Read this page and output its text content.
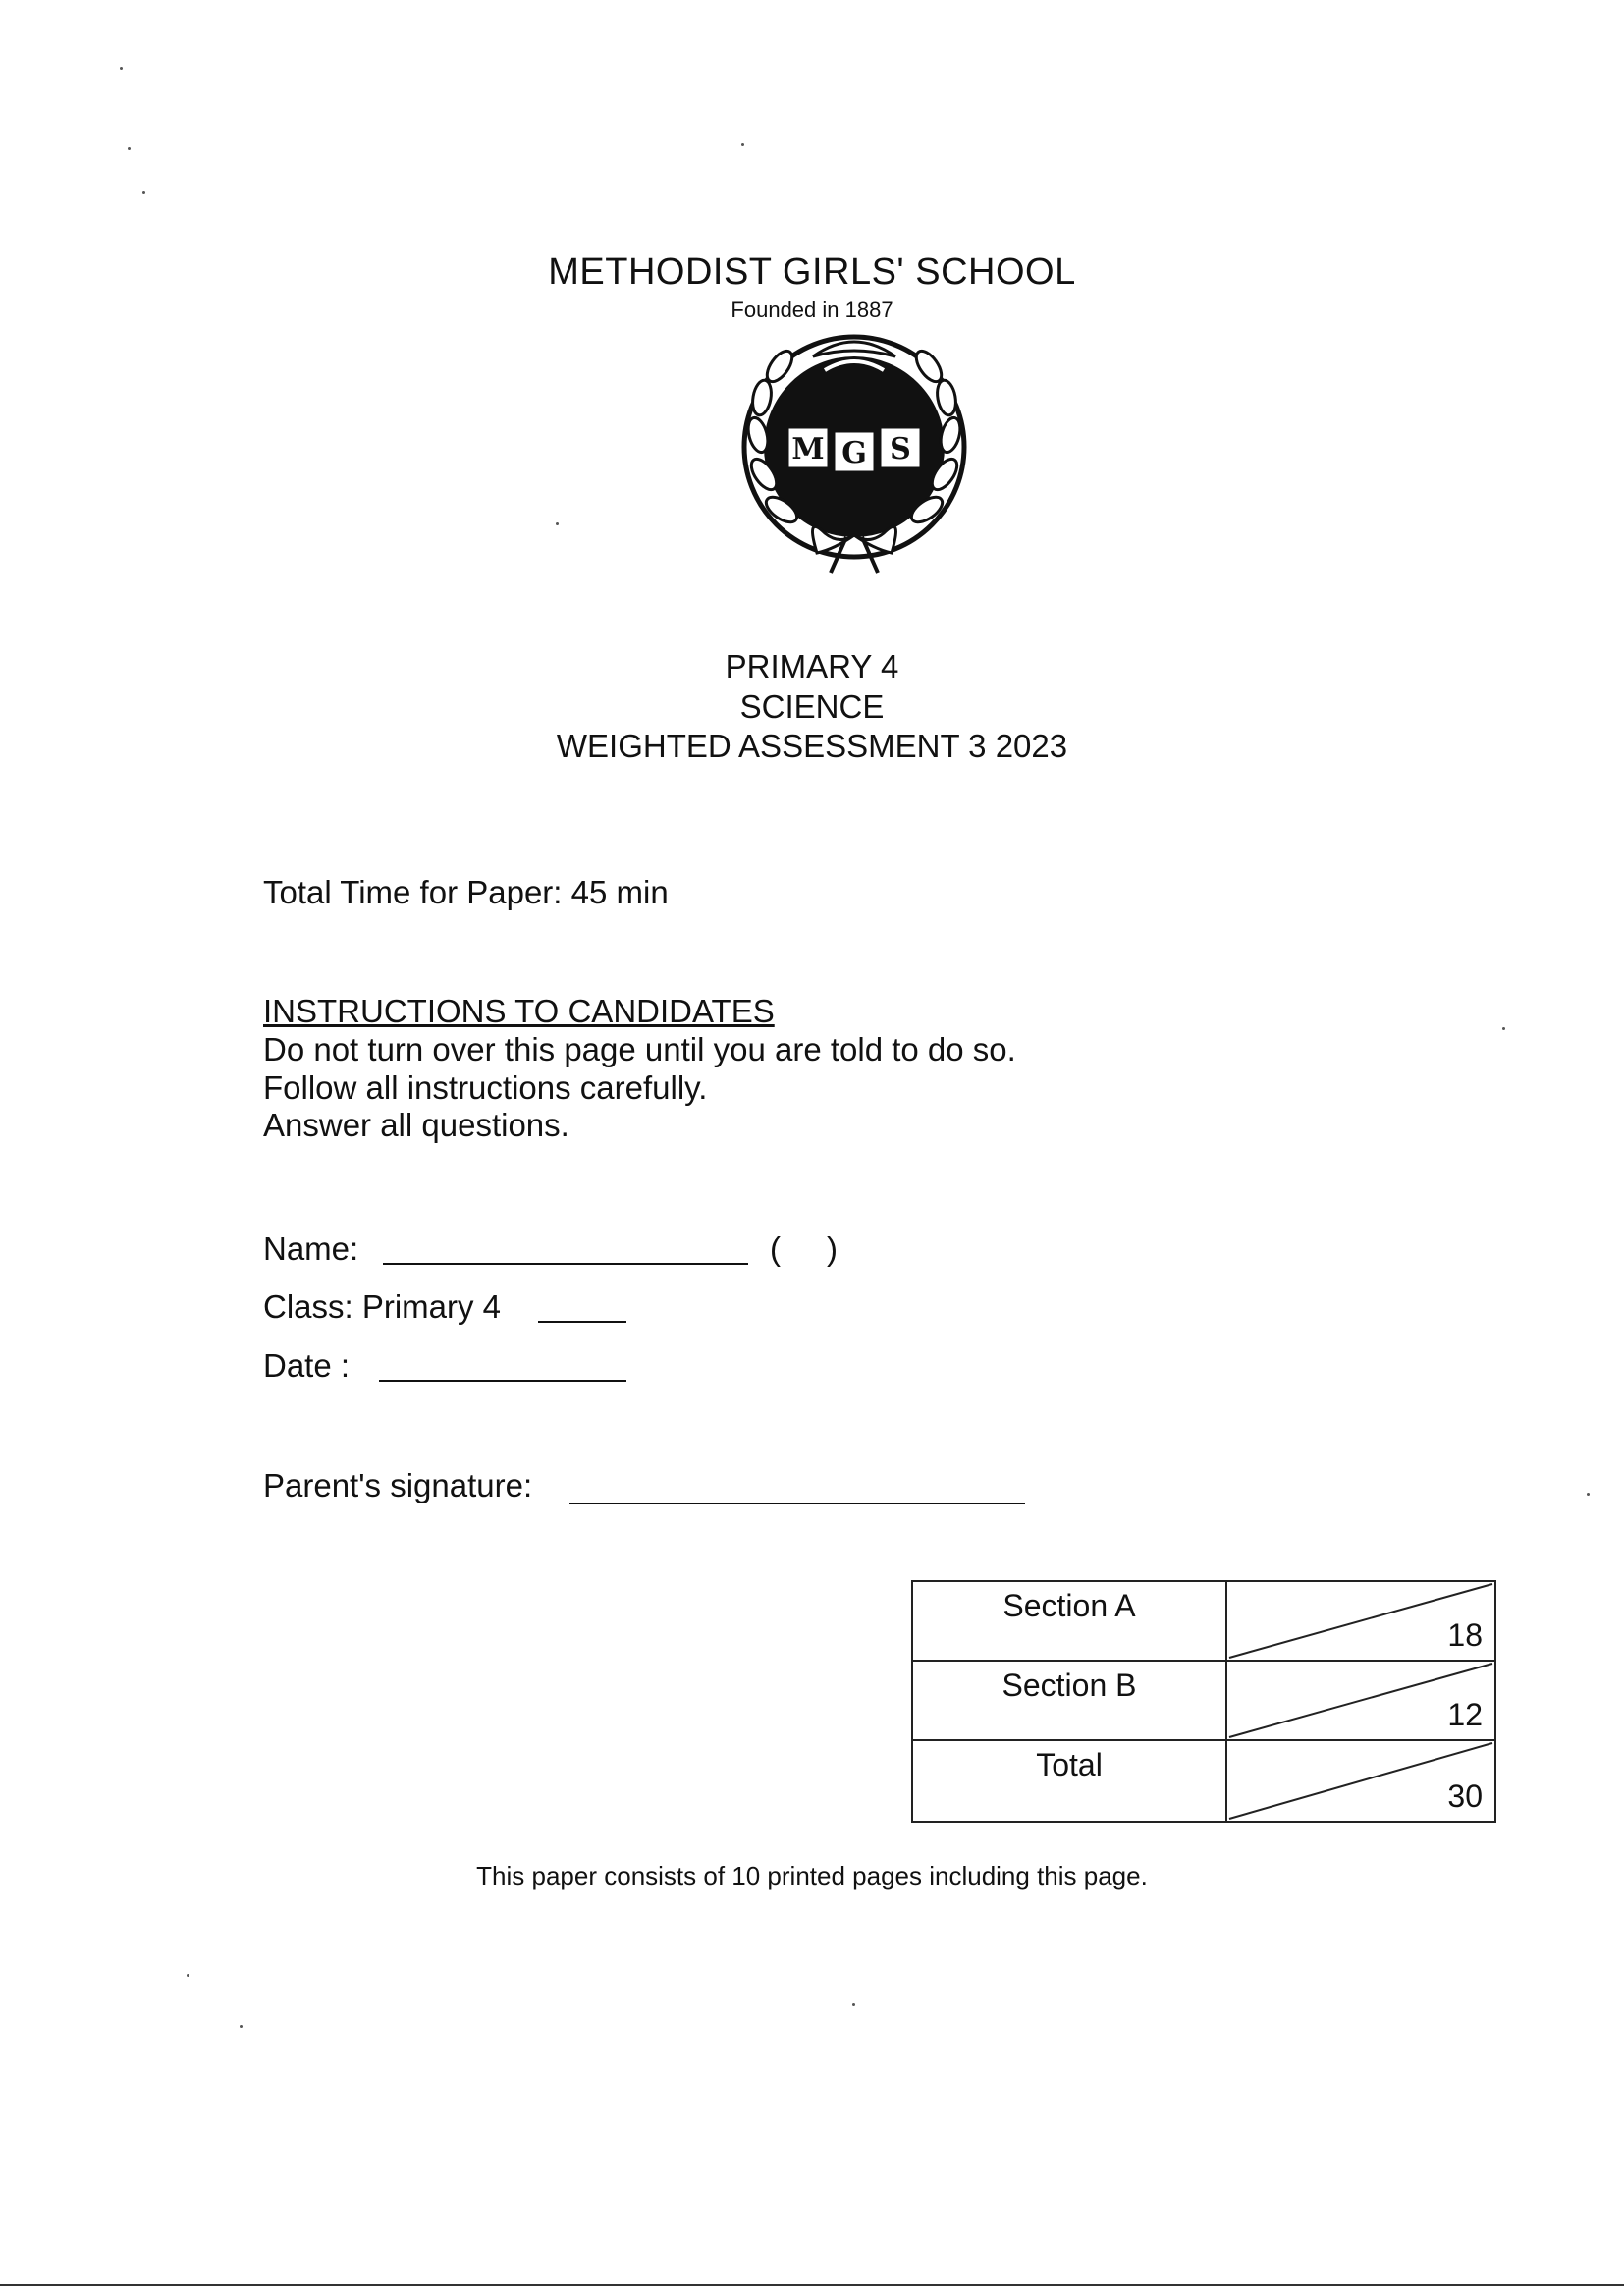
METHODIST GIRLS' SCHOOL
Founded in 1887
M G S
PRIMARY 4
SCIENCE
WEIGHTED ASSESSMENT 3 2023
Total Time for Paper: 45 min
INSTRUCTIONS TO CANDIDATES
Do not turn over this page until you are told to do so.
Follow all instructions carefully.
Answer all questions.
Name:	( )
Class: Primary 4
Date :
Parent's signature:
Section A
18
Section B
12
Total
30
This paper consists of 10 printed pages including this page.
